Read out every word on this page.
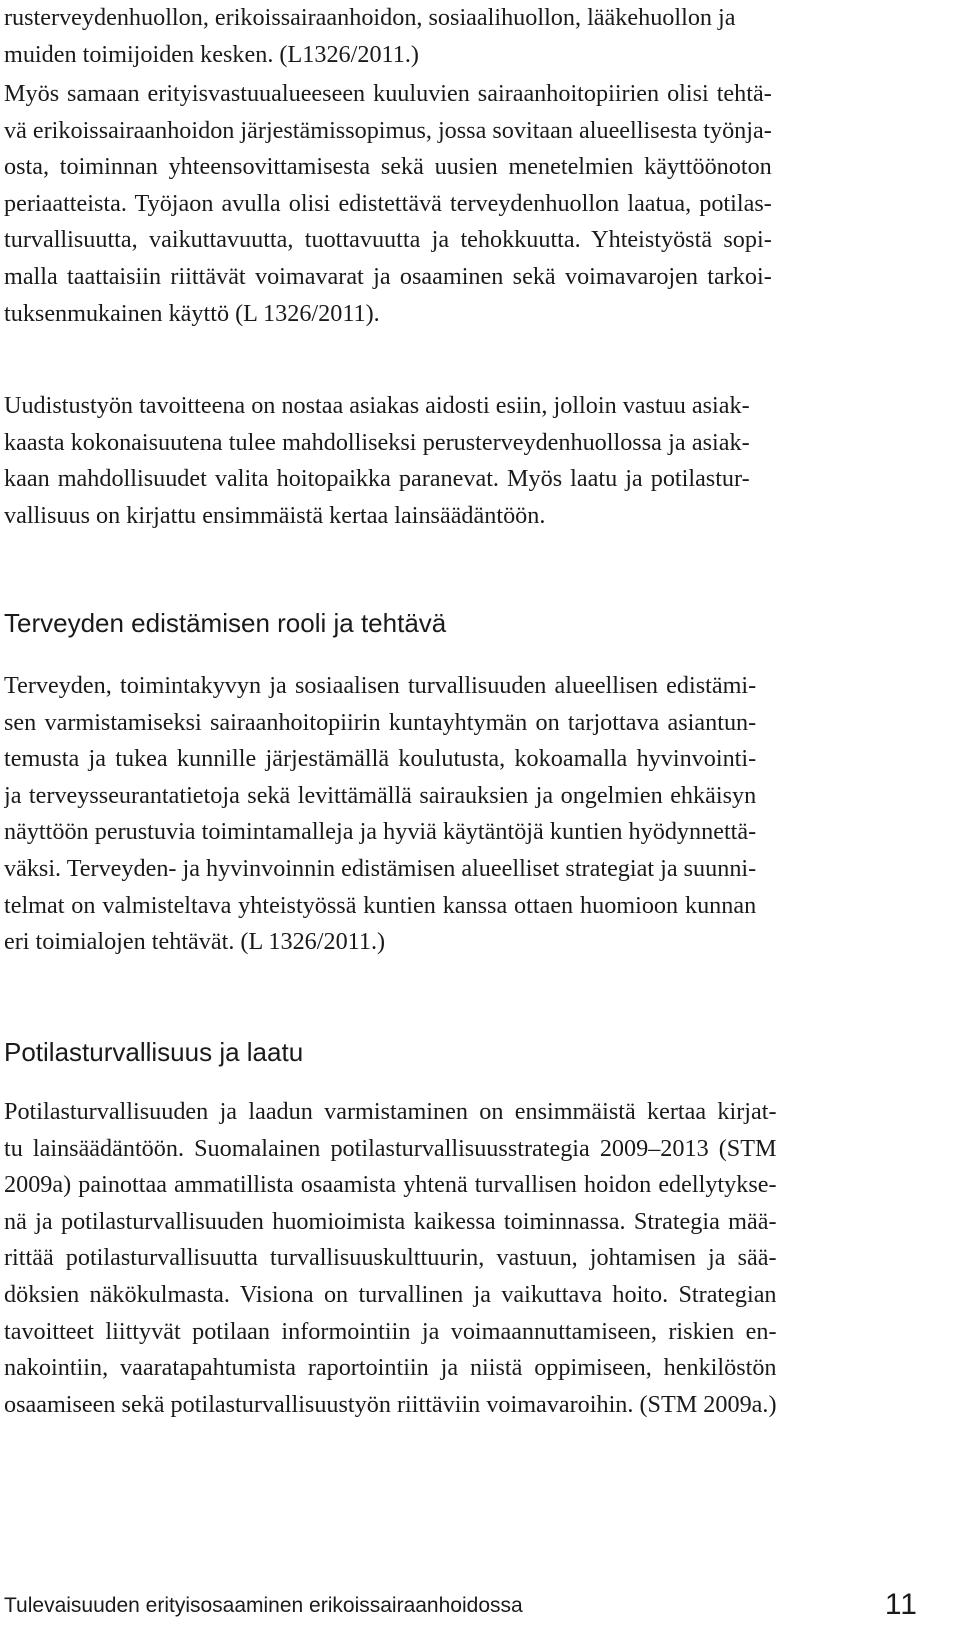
rusterveydenhuollon, erikoissairaanhoidon, sosiaalihuollon, lääkehuollon ja
muiden toimijoiden kesken. (L1326/2011.)

Myös samaan erityisvastuualueeseen kuuluvien sairaanhoitopiirien olisi tehtä-
vä erikoissairaanhoidon järjestämissopimus, jossa sovitaan alueellisesta työnja-
osta, toiminnan yhteensovittamisesta sekä uusien menetelmien käyttöönoton
periaatteista. Työjaon avulla olisi edistettävä terveydenhuollon laatua, potilas-
turvallisuutta, vaikuttavuutta, tuottavuutta ja tehokkuutta. Yhteistyöstä sopi-
malla taattaisiin riittävät voimavarat ja osaaminen sekä voimavarojen tarkoi-
tuksenmukainen käyttö (L 1326/2011).

Uudistustyön tavoitteena on nostaa asiakas aidosti esiin, jolloin vastuu asiak-
kaasta kokonaisuutena tulee mahdolliseksi perusterveydenhuollossa ja asiak-
kaan mahdollisuudet valita hoitopaikka paranevat. Myös laatu ja potilastur-
vallisuus on kirjattu ensimmäistä kertaa lainsäädäntöön.

Terveyden edistämisen rooli ja tehtävä

Terveyden, toimintakyvyn ja sosiaalisen turvallisuuden alueellisen edistämi-
sen varmistamiseksi sairaanhoitopiirin kuntayhtymän on tarjottava asiantun-
temusta ja tukea kunnille järjestämällä koulutusta, kokoamalla hyvinvointi-
ja terveysseurantatietoja sekä levittämällä sairauksien ja ongelmien ehkäisyn
näyttöön perustuvia toimintamalleja ja hyviä käytäntöjä kuntien hyödynnettä-
väksi. Terveyden- ja hyvinvoinnin edistämisen alueelliset strategiat ja suunni-
telmat on valmisteltava yhteistyössä kuntien kanssa ottaen huomioon kunnan
eri toimialojen tehtävät. (L 1326/2011.)

Potilasturvallisuus ja laatu

Potilasturvallisuuden ja laadun varmistaminen on ensimmäistä kertaa kirjat-
tu lainsäädäntöön. Suomalainen potilasturvallisuusstrategia 2009–2013 (STM
2009a) painottaa ammatillista osaamista yhtenä turvallisen hoidon edellytykse-
nä ja potilasturvallisuuden huomioimista kaikessa toiminnassa. Strategia mää-
rittää potilasturvallisuutta turvallisuuskulttuurin, vastuun, johtamisen ja sää-
döksien näkökulmasta. Visiona on turvallinen ja vaikuttava hoito. Strategian
tavoitteet liittyvät potilaan informointiin ja voimaannuttamiseen, riskien en-
nakointiin, vaaratapahtumista raportointiin ja niistä oppimiseen, henkilöstön
osaamiseen sekä potilasturvallisuustyön riittäviin voimavaroihin. (STM 2009a.)

Tulevaisuuden erityisosaaminen erikoissairaanhoidossa	11
